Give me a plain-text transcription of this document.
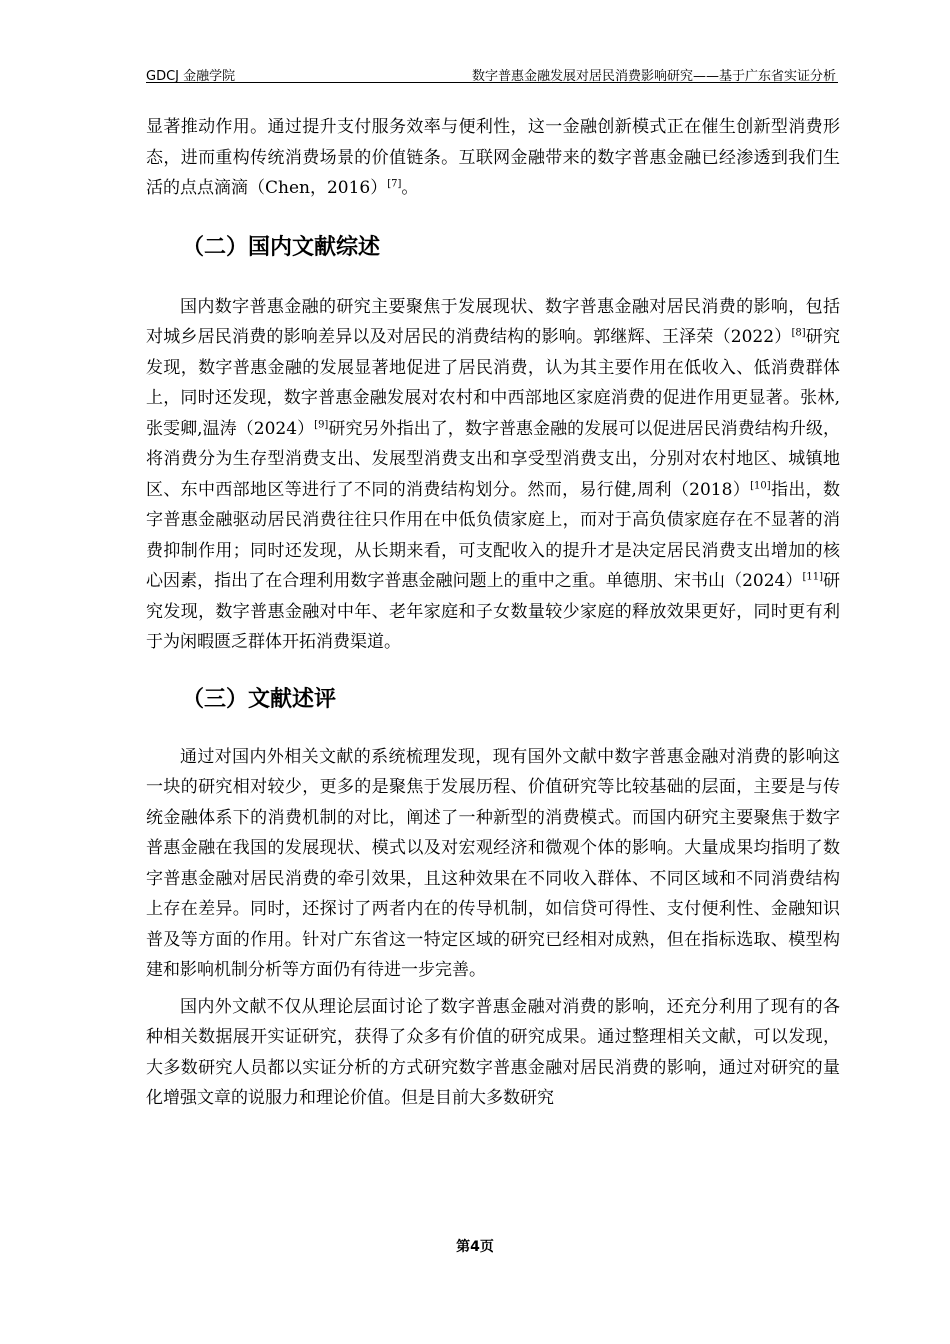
GDCJ 金融学院	数字普惠金融发展对居民消费影响研究——基于广东省实证分析

显著推动作用。通过提升支付服务效率与便利性，这一金融创新模式正在催生创新型消费形态，进而重构传统消费场景的价值链条。互联网金融带来的数字普惠金融已经渗透到我们生活的点点滴滴（Chen，2016）[7]。

（二）国内文献综述

国内数字普惠金融的研究主要聚焦于发展现状、数字普惠金融对居民消费的影响，包括对城乡居民消费的影响差异以及对居民的消费结构的影响。郭继辉、王泽荣（2022）[8]研究发现，数字普惠金融的发展显著地促进了居民消费，认为其主要作用在低收入、低消费群体上，同时还发现，数字普惠金融发展对农村和中西部地区家庭消费的促进作用更显著。张林,张雯卿,温涛（2024）[9]研究另外指出了，数字普惠金融的发展可以促进居民消费结构升级，将消费分为生存型消费支出、发展型消费支出和享受型消费支出，分别对农村地区、城镇地区、东中西部地区等进行了不同的消费结构划分。然而，易行健,周利（2018）[10]指出，数字普惠金融驱动居民消费往往只作用在中低负债家庭上，而对于高负债家庭存在不显著的消费抑制作用；同时还发现，从长期来看，可支配收入的提升才是决定居民消费支出增加的核心因素，指出了在合理利用数字普惠金融问题上的重中之重。单德朋、宋书山（2024）[11]研究发现，数字普惠金融对中年、老年家庭和子女数量较少家庭的释放效果更好，同时更有利于为闲暇匮乏群体开拓消费渠道。

（三）文献述评

通过对国内外相关文献的系统梳理发现，现有国外文献中数字普惠金融对消费的影响这一块的研究相对较少，更多的是聚焦于发展历程、价值研究等比较基础的层面，主要是与传统金融体系下的消费机制的对比，阐述了一种新型的消费模式。而国内研究主要聚焦于数字普惠金融在我国的发展现状、模式以及对宏观经济和微观个体的影响。大量成果均指明了数字普惠金融对居民消费的牵引效果，且这种效果在不同收入群体、不同区域和不同消费结构上存在差异。同时，还探讨了两者内在的传导机制，如信贷可得性、支付便利性、金融知识普及等方面的作用。针对广东省这一特定区域的研究已经相对成熟，但在指标选取、模型构建和影响机制分析等方面仍有待进一步完善。

国内外文献不仅从理论层面讨论了数字普惠金融对消费的影响，还充分利用了现有的各种相关数据展开实证研究，获得了众多有价值的研究成果。通过整理相关文献，可以发现，大多数研究人员都以实证分析的方式研究数字普惠金融对居民消费的影响，通过对研究的量化增强文章的说服力和理论价值。但是目前大多数研究

第4页
